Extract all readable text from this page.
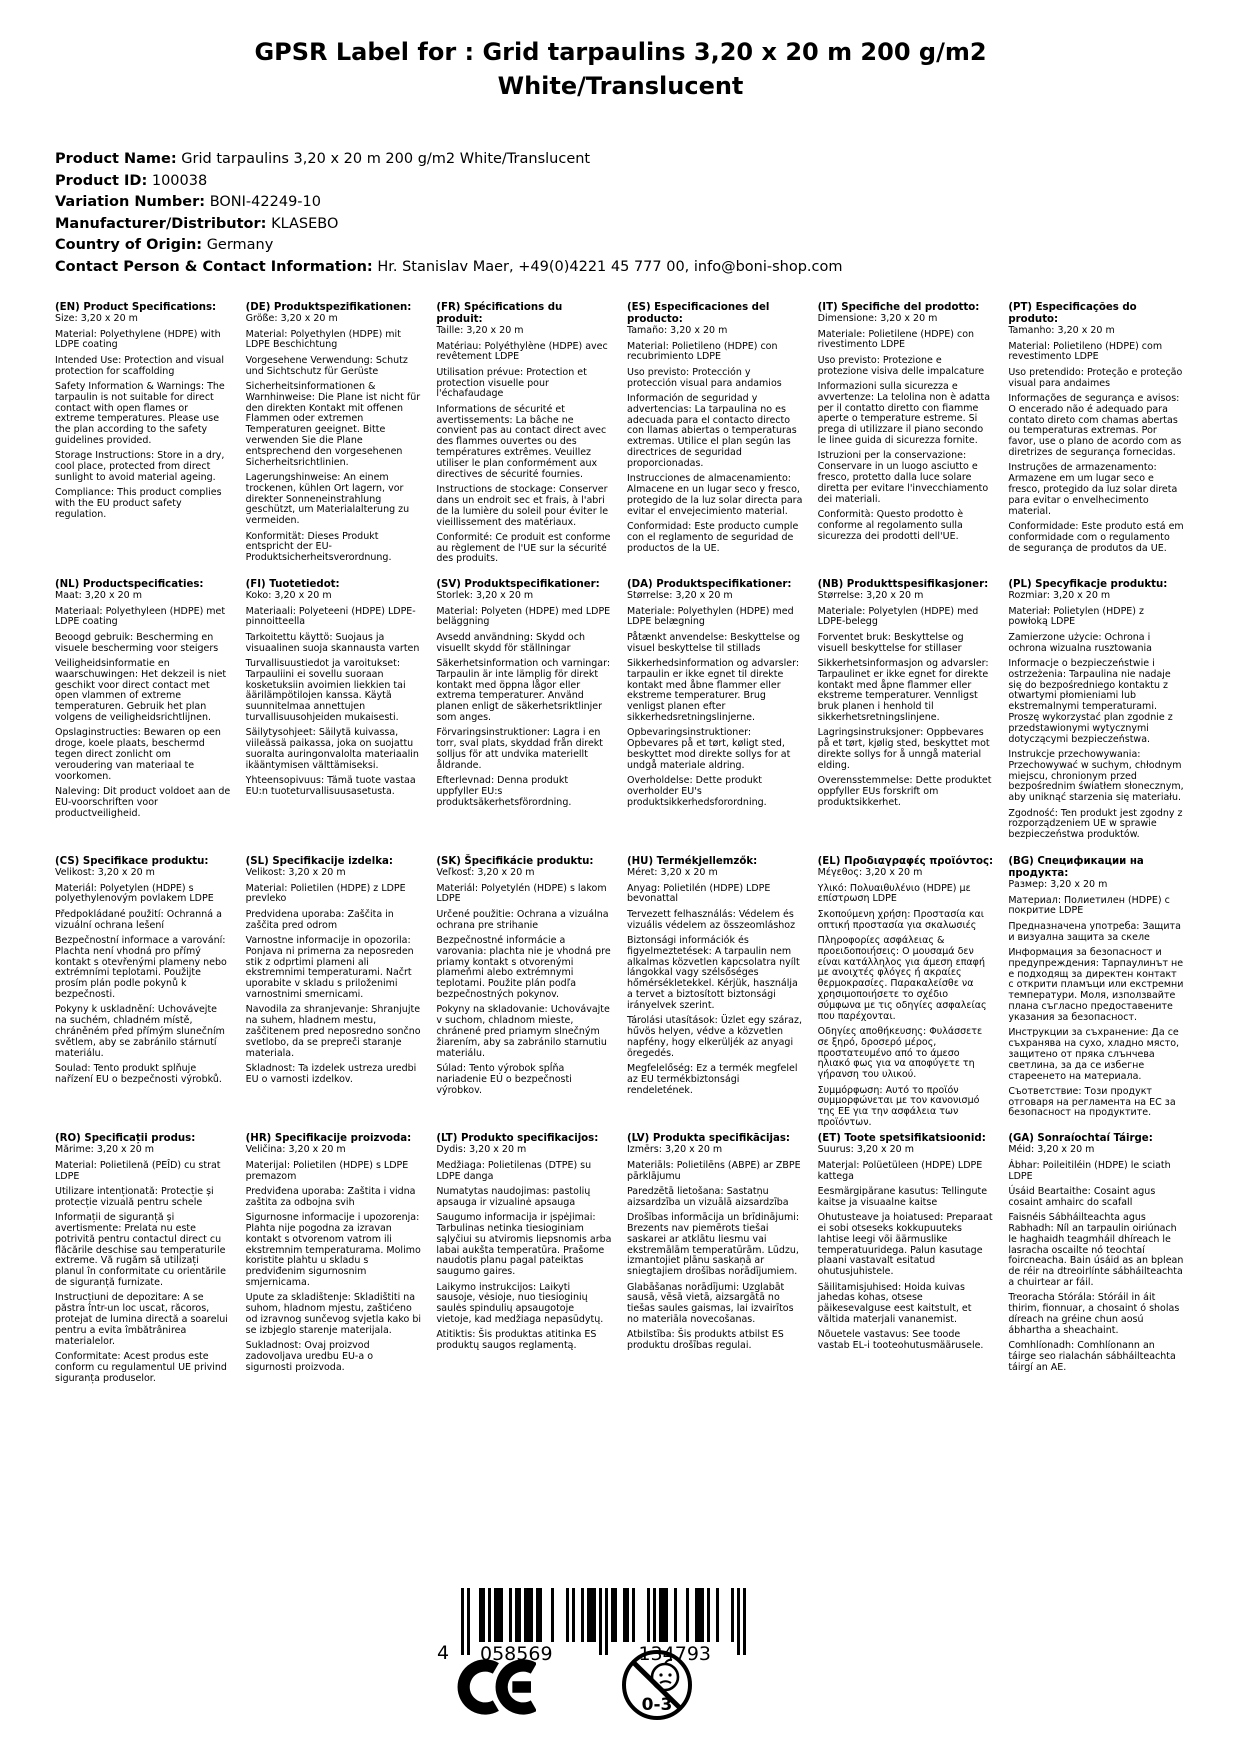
GPSR Label for : Grid tarpaulins 3,20 x 20 m 200 g/m2
White/Translucent
Product Name: Grid tarpaulins 3,20 x 20 m 200 g/m2 White/Translucent
Product ID: 100038
Variation Number: BONI-42249-10
Manufacturer/Distributor: KLASEBO
Country of Origin: Germany
Contact Person & Contact Information: Hr. Stanislav Maer, +49(0)4221 45 777 00, info@boni-shop.com
(EN) Product Specifications:

Size: 3,20 x 20 m

Material: Polyethylene (HDPE) with LDPE coating

Intended Use: Protection and visual protection for scaffolding

Safety Information & Warnings: The tarpaulin is not suitable for direct contact with open flames or extreme temperatures. Please use the plan according to the safety guidelines provided.

Storage Instructions: Store in a dry, cool place, protected from direct sunlight to avoid material ageing.

Compliance: This product complies with the EU product safety regulation.

(DE) Produktspezifikationen:

Größe: 3,20 x 20 m

Material: Polyethylen (HDPE) mit LDPE Beschichtung

Vorgesehene Verwendung: Schutz und Sichtschutz für Gerüste

Sicherheitsinformationen & Warnhinweise: Die Plane ist nicht für den direkten Kontakt mit offenen Flammen oder extremen Temperaturen geeignet. Bitte verwenden Sie die Plane entsprechend den vorgesehenen Sicherheitsrichtlinien.

Lagerungshinweise: An einem trockenen, kühlen Ort lagern, vor direkter Sonneneinstrahlung geschützt, um Materialalterung zu vermeiden.

Konformität: Dieses Produkt entspricht der EU-Produktsicherheitsverordnung.

(FR) Spécifications du produit:

Taille: 3,20 x 20 m

Matériau: Polyéthylène (HDPE) avec revêtement LDPE

Utilisation prévue: Protection et protection visuelle pour l'échafaudage

Informations de sécurité et avertissements: La bâche ne convient pas au contact direct avec des flammes ouvertes ou des températures extrêmes. Veuillez utiliser le plan conformément aux directives de sécurité fournies.

Instructions de stockage: Conserver dans un endroit sec et frais, à l'abri de la lumière du soleil pour éviter le vieillissement des matériaux.

Conformité: Ce produit est conforme au règlement de l'UE sur la sécurité des produits.

(ES) Especificaciones del producto:

Tamaño: 3,20 x 20 m

Material: Polietileno (HDPE) con recubrimiento LDPE

Uso previsto: Protección y protección visual para andamios

Información de seguridad y advertencias: La tarpaulina no es adecuada para el contacto directo con llamas abiertas o temperaturas extremas. Utilice el plan según las directrices de seguridad proporcionadas.

Instrucciones de almacenamiento: Almacene en un lugar seco y fresco, protegido de la luz solar directa para evitar el envejecimiento material.

Conformidad: Este producto cumple con el reglamento de seguridad de productos de la UE.

(IT) Specifiche del prodotto:

Dimensione: 3,20 x 20 m

Materiale: Polietilene (HDPE) con rivestimento LDPE

Uso previsto: Protezione e protezione visiva delle impalcature

Informazioni sulla sicurezza e avvertenze: La telolina non è adatta per il contatto diretto con fiamme aperte o temperature estreme. Si prega di utilizzare il piano secondo le linee guida di sicurezza fornite.

Istruzioni per la conservazione: Conservare in un luogo asciutto e fresco, protetto dalla luce solare diretta per evitare l'invecchiamento dei materiali.

Conformità: Questo prodotto è conforme al regolamento sulla sicurezza dei prodotti dell'UE.

(PT) Especificações do produto:

Tamanho: 3,20 x 20 m

Material: Polietileno (HDPE) com revestimento LDPE

Uso pretendido: Proteção e proteção visual para andaimes

Informações de segurança e avisos: O encerado não é adequado para contato direto com chamas abertas ou temperaturas extremas. Por favor, use o plano de acordo com as diretrizes de segurança fornecidas.

Instruções de armazenamento: Armazene em um lugar seco e fresco, protegido da luz solar direta para evitar o envelhecimento material.

Conformidade: Este produto está em conformidade com o regulamento de segurança de produtos da UE.

(NL) Productspecificaties:

Maat: 3,20 x 20 m

Materiaal: Polyethyleen (HDPE) met LDPE coating

Beoogd gebruik: Bescherming en visuele bescherming voor steigers

Veiligheidsinformatie en waarschuwingen: Het dekzeil is niet geschikt voor direct contact met open vlammen of extreme temperaturen. Gebruik het plan volgens de veiligheidsrichtlijnen.

Opslaginstructies: Bewaren op een droge, koele plaats, beschermd tegen direct zonlicht om veroudering van materiaal te voorkomen.

Naleving: Dit product voldoet aan de EU-voorschriften voor productveiligheid.

(FI) Tuotetiedot:

Koko: 3,20 x 20 m

Materiaali: Polyeteeni (HDPE) LDPE-pinnoitteella

Tarkoitettu käyttö: Suojaus ja visuaalinen suoja skannausta varten

Turvallisuustiedot ja varoitukset: Tarpauliini ei sovellu suoraan kosketuksiin avoimien liekkien tai äärilämpötilojen kanssa. Käytä suunnitelmaa annettujen turvallisuusohjeiden mukaisesti.

Säilytysohjeet: Säilytä kuivassa, viileässä paikassa, joka on suojattu suoralta auringonvalolta materiaalin ikääntymisen välttämiseksi.

Yhteensopivuus: Tämä tuote vastaa EU:n tuoteturvallisuusasetusta.

(SV) Produktspecifikationer:

Storlek: 3,20 x 20 m

Material: Polyeten (HDPE) med LDPE beläggning

Avsedd användning: Skydd och visuellt skydd för ställningar

Säkerhetsinformation och varningar: Tarpaulin är inte lämplig för direkt kontakt med öppna lågor eller extrema temperaturer. Använd planen enligt de säkerhetsriktlinjer som anges.

Förvaringsinstruktioner: Lagra i en torr, sval plats, skyddad från direkt solljus för att undvika materiellt åldrande.

Efterlevnad: Denna produkt uppfyller EU:s produktsäkerhetsförordning.

(DA) Produktspecifikationer:

Størrelse: 3,20 x 20 m

Materiale: Polyethylen (HDPE) med LDPE belægning

Påtænkt anvendelse: Beskyttelse og visuel beskyttelse til stillads

Sikkerhedsinformation og advarsler: tarpaulin er ikke egnet til direkte kontakt med åbne flammer eller ekstreme temperaturer. Brug venligst planen efter sikkerhedsretningslinjerne.

Opbevaringsinstruktioner: Opbevares på et tørt, køligt sted, beskyttet mod direkte sollys for at undgå materiale aldring.

Overholdelse: Dette produkt overholder EU's produktsikkerhedsforordning.

(NB) Produkttspesifikasjoner:

Størrelse: 3,20 x 20 m

Materiale: Polyetylen (HDPE) med LDPE-belegg

Forventet bruk: Beskyttelse og visuell beskyttelse for stillaser

Sikkerhetsinformasjon og advarsler: Tarpaulinet er ikke egnet for direkte kontakt med åpne flammer eller ekstreme temperaturer. Vennligst bruk planen i henhold til sikkerhetsretningslinjene.

Lagringsinstruksjoner: Oppbevares på et tørt, kjølig sted, beskyttet mot direkte sollys for å unngå material elding.

Overensstemmelse: Dette produktet oppfyller EUs forskrift om produktsikkerhet.

(PL) Specyfikacje produktu:

Rozmiar: 3,20 x 20 m

Materiał: Polietylen (HDPE) z powłoką LDPE

Zamierzone użycie: Ochrona i ochrona wizualna rusztowania

Informacje o bezpieczeństwie i ostrzeżenia: Tarpaulina nie nadaje się do bezpośredniego kontaktu z otwartymi płomieniami lub ekstremalnymi temperaturami. Proszę wykorzystać plan zgodnie z przedstawionymi wytycznymi dotyczącymi bezpieczeństwa.

Instrukcje przechowywania: Przechowywać w suchym, chłodnym miejscu, chronionym przed bezpośrednim światłem słonecznym, aby uniknąć starzenia się materiału.

Zgodność: Ten produkt jest zgodny z rozporządzeniem UE w sprawie bezpieczeństwa produktów.

(CS) Specifikace produktu:

Velikost: 3,20 x 20 m

Materiál: Polyetylen (HDPE) s polyethylenovým povlakem LDPE

Předpokládané použití: Ochranná a vizuální ochrana lešení

Bezpečnostní informace a varování: Plachta není vhodná pro přímý kontakt s otevřenými plameny nebo extrémními teplotami. Použijte prosím plán podle pokynů k bezpečnosti.

Pokyny k uskladnění: Uchovávejte na suchém, chladném místě, chráněném před přímým slunečním světlem, aby se zabránilo stárnutí materiálu.

Soulad: Tento produkt splňuje nařízení EU o bezpečnosti výrobků.

(SL) Specifikacije izdelka:

Velikost: 3,20 x 20 m

Material: Polietilen (HDPE) z LDPE prevleko

Predvidena uporaba: Zaščita in zaščita pred odrom

Varnostne informacije in opozorila: Ponjava ni primerna za neposreden stik z odprtimi plameni ali ekstremnimi temperaturami. Načrt uporabite v skladu s priloženimi varnostnimi smernicami.

Navodila za shranjevanje: Shranjujte na suhem, hladnem mestu, zaščitenem pred neposredno sončno svetlobo, da se prepreči staranje materiala.

Skladnost: Ta izdelek ustreza uredbi EU o varnosti izdelkov.

(SK) Špecifikácie produktu:

Veľkosť: 3,20 x 20 m

Materiál: Polyetylén (HDPE) s lakom LDPE

Určené použitie: Ochrana a vizuálna ochrana pre strihanie

Bezpečnostné informácie a varovania: plachta nie je vhodná pre priamy kontakt s otvorenými plameňmi alebo extrémnymi teplotami. Použite plán podľa bezpečnostných pokynov.

Pokyny na skladovanie: Uchovávajte v suchom, chladnom mieste, chránené pred priamym slnečným žiarením, aby sa zabránilo starnutiu materiálu.

Súlad: Tento výrobok spĺňa nariadenie EÚ o bezpečnosti výrobkov.

(HU) Termékjellemzők:

Méret: 3,20 x 20 m

Anyag: Polietilén (HDPE) LDPE bevonattal

Tervezett felhasználás: Védelem és vizuális védelem az összeomláshoz

Biztonsági információk és figyelmeztetések: A tarpaulin nem alkalmas közvetlen kapcsolatra nyílt lángokkal vagy szélsőséges hőmérsékletekkel. Kérjük, használja a tervet a biztosított biztonsági irányelvek szerint.

Tárolási utasítások: Üzlet egy száraz, hűvös helyen, védve a közvetlen napfény, hogy elkerüljék az anyagi öregedés.

Megfelelőség: Ez a termék megfelel az EU termékbiztonsági rendeletének.

(EL) Προδιαγραφές προϊόντος:

Μέγεθος: 3,20 x 20 m

Υλικό: Πολυαιθυλένιο (HDPE) με επίστρωση LDPE

Σκοπούμενη χρήση: Προστασία και οπτική προστασία για σκαλωσιές

Πληροφορίες ασφάλειας & προειδοποιήσεις: Ο μουσαμά δεν είναι κατάλληλος για άμεση επαφή με ανοιχτές φλόγες ή ακραίες θερμοκρασίες. Παρακαλείσθε να χρησιμοποιήσετε το σχέδιο σύμφωνα με τις οδηγίες ασφαλείας που παρέχονται.

Οδηγίες αποθήκευσης: Φυλάσσετε σε ξηρό, δροσερό μέρος, προστατευμένο από το άμεσο ηλιακό φως για να αποφύγετε τη γήρανση του υλικού.

Συμμόρφωση: Αυτό το προϊόν συμμορφώνεται με τον κανονισμό της ΕΕ για την ασφάλεια των προϊόντων.

(BG) Спецификации на продукта:

Размер: 3,20 x 20 m

Материал: Полиетилен (HDPE) с покритие LDPE

Предназначена употреба: Защита и визуална защита за скеле

Информация за безопасност и предупреждения: Тарпаулинът не е подходящ за директен контакт с открити пламъци или екстремни температури. Моля, използвайте плана съгласно предоставените указания за безопасност.

Инструкции за съхранение: Да се съхранява на сухо, хладно място, защитено от пряка слънчева светлина, за да се избегне стареенето на материала.

Съответствие: Този продукт отговаря на регламента на ЕС за безопасност на продуктите.

(RO) Specificații produs:

Mărime: 3,20 x 20 m

Material: Polietilenă (PEÎD) cu strat LDPE

Utilizare intenționată: Protecție și protecție vizuală pentru schele

Informații de siguranță și avertismente: Prelata nu este potrivită pentru contactul direct cu flăcările deschise sau temperaturile extreme. Vă rugăm să utilizați planul în conformitate cu orientările de siguranță furnizate.

Instrucțiuni de depozitare: A se păstra într-un loc uscat, răcoros, protejat de lumina directă a soarelui pentru a evita îmbătrânirea materialelor.

Conformitate: Acest produs este conform cu regulamentul UE privind siguranța produselor.

(HR) Specifikacije proizvoda:

Veličina: 3,20 x 20 m

Materijal: Polietilen (HDPE) s LDPE premazom

Predviđena uporaba: Zaštita i vidna zaštita za odbojna svih

Sigurnosne informacije i upozorenja: Plahta nije pogodna za izravan kontakt s otvorenom vatrom ili ekstremnim temperaturama. Molimo koristite plahtu u skladu s predviđenim sigurnosnim smjernicama.

Upute za skladištenje: Skladištiti na suhom, hladnom mjestu, zaštićeno od izravnog sunčevog svjetla kako bi se izbjeglo starenje materijala.

Sukladnost: Ovaj proizvod zadovoljava uredbu EU-a o sigurnosti proizvoda.

(LT) Produkto specifikacijos:

Dydis: 3,20 x 20 m

Medžiaga: Polietilenas (DTPE) su LDPE danga

Numatytas naudojimas: pastolių apsauga ir vizualinė apsauga

Saugumo informacija ir įspėjimai: Tarbulinas netinka tiesioginiam sąlyčiui su atviromis liepsnomis arba labai aukšta temperatūra. Prašome naudotis planu pagal pateiktas saugumo gaires.

Laikymo instrukcijos: Laikyti sausoje, vėsioje, nuo tiesioginių saulės spindulių apsaugotoje vietoje, kad medžiaga nepasūdytų.

Atitiktis: Šis produktas atitinka ES produktų saugos reglamentą.

(LV) Produkta specifikācijas:

Izmērs: 3,20 x 20 m

Materiāls: Polietilēns (ABPE) ar ZBPE pārklājumu

Paredzētā lietošana: Sastatņu aizsardzība un vizuālā aizsardzība

Drošības informācija un brīdinājumi: Brezents nav piemērots tiešai saskarei ar atklātu liesmu vai ekstremālām temperatūrām. Lūdzu, izmantojiet plānu saskaņā ar sniegtajiem drošības norādījumiem.

Glabāšanas norādījumi: Uzglabāt sausā, vēsā vietā, aizsargātā no tiešas saules gaismas, lai izvairītos no materiāla novecošanas.

Atbilstība: Šis produkts atbilst ES produktu drošības regulai.

(ET) Toote spetsifikatsioonid:

Suurus: 3,20 x 20 m

Materjal: Polüetüleen (HDPE) LDPE kattega

Eesmärgipärane kasutus: Tellingute kaitse ja visuaalne kaitse

Ohutusteave ja hoiatused: Preparaat ei sobi otseseks kokkupuuteks lahtise leegi või äärmuslike temperatuuridega. Palun kasutage plaani vastavalt esitatud ohutusjuhistele.

Säilitamisjuhised: Hoida kuivas jahedas kohas, otsese päikesevalguse eest kaitstult, et vältida materjali vananemist.

Nõuetele vastavus: See toode vastab EL-i tooteohutusmäärusele.

(GA) Sonraíochtaí Táirge:

Méid: 3,20 x 20 m

Ábhar: Poileitiléin (HDPE) le sciath LDPE

Úsáid Beartaithe: Cosaint agus cosaint amhairc do scafall

Faisnéis Sábháilteachta agus Rabhadh: Níl an tarpaulin oiriúnach le haghaidh teagmháil dhíreach le lasracha oscailte nó teochtaí foircneacha. Bain úsáid as an bplean de réir na dtreoirlínte sábháilteachta a chuirtear ar fáil.

Treoracha Stórála: Stóráil in áit thirim, fionnuar, a chosaint ó sholas díreach na gréine chun aosú ábhartha a sheachaint.

Comhlíonadh: Comhlíonann an táirge seo rialachán sábháilteachta táirgí an AE.

4	058569	134793
0-3
